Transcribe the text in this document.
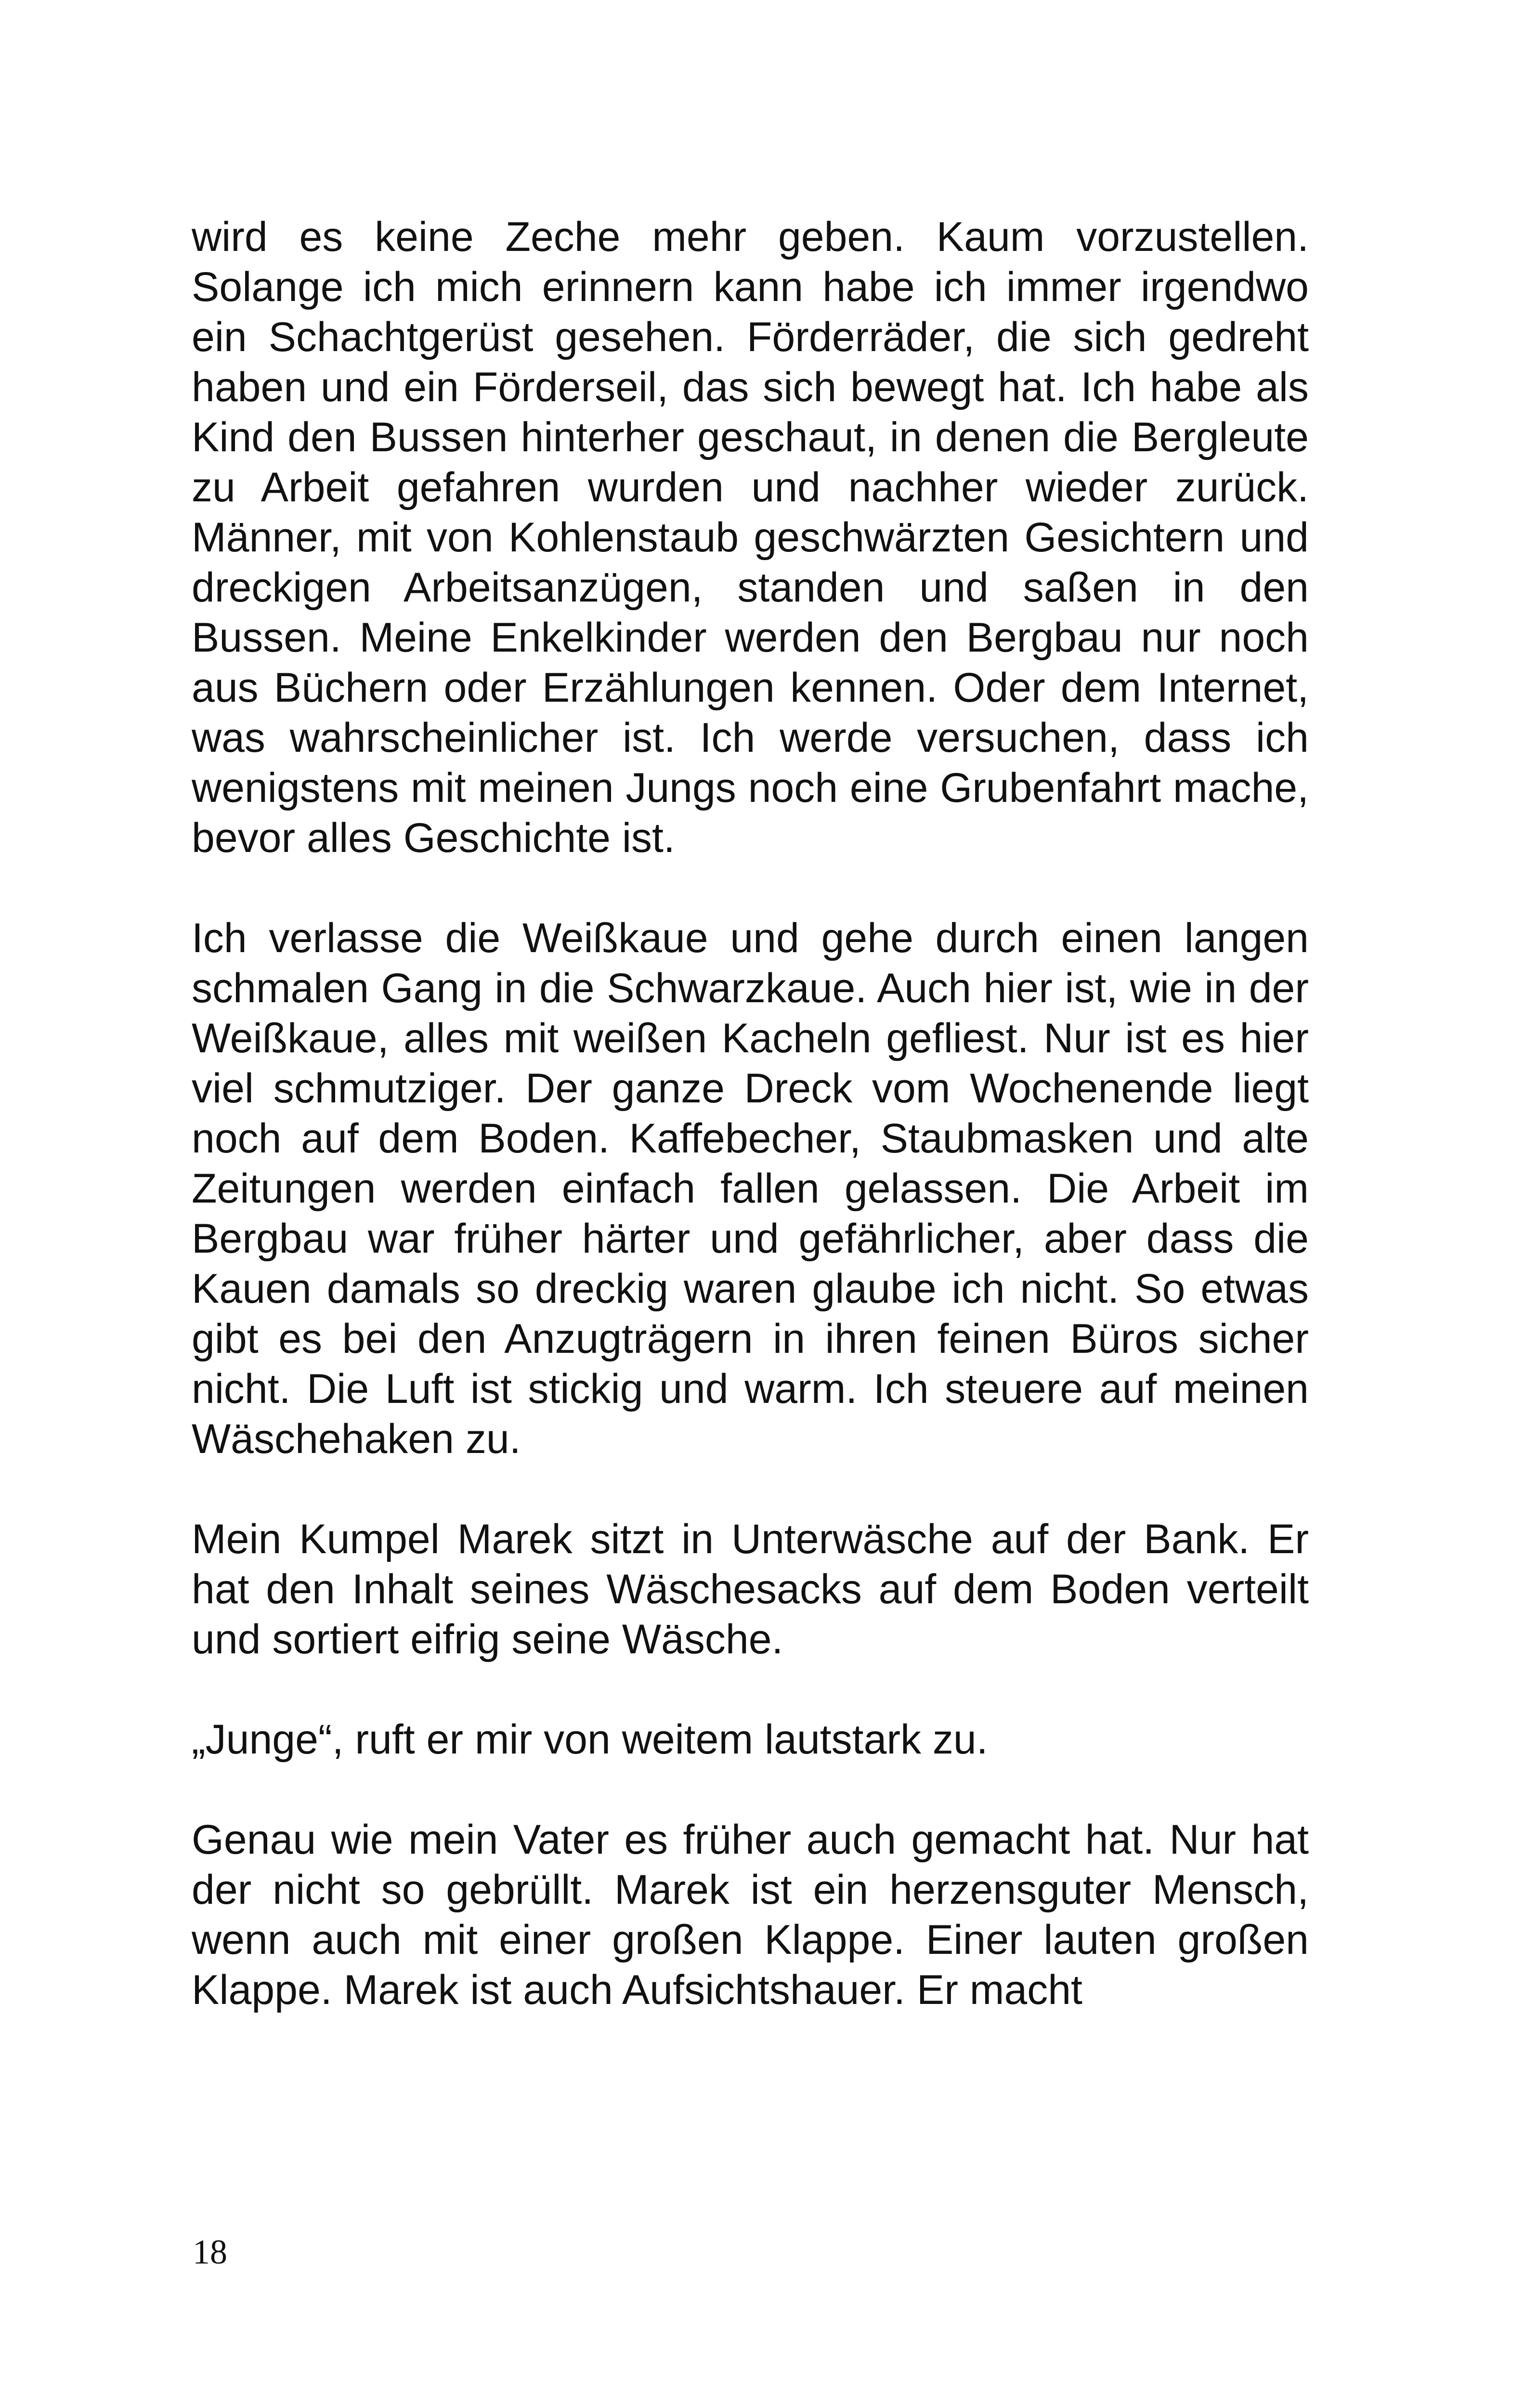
wird es keine Zeche mehr geben. Kaum vorzustellen. Solange ich mich erinnern kann habe ich immer irgendwo ein Schachtgerüst gesehen. Förderräder, die sich gedreht haben und ein Förderseil, das sich bewegt hat. Ich habe als Kind den Bussen hinterher geschaut, in denen die Bergleute zu Arbeit gefahren wurden und nachher wieder zurück. Männer, mit von Kohlenstaub geschwärzten Gesichtern und dreckigen Arbeitsanzügen, standen und saßen in den Bussen. Meine Enkelkinder werden den Bergbau nur noch aus Büchern oder Erzählungen kennen. Oder dem Internet, was wahrscheinlicher ist. Ich werde versuchen, dass ich wenigstens mit meinen Jungs noch eine Grubenfahrt mache, bevor alles Geschichte ist.

Ich verlasse die Weißkaue und gehe durch einen langen schmalen Gang in die Schwarzkaue. Auch hier ist, wie in der Weißkaue, alles mit weißen Kacheln gefliest. Nur ist es hier viel schmutziger. Der ganze Dreck vom Wochenende liegt noch auf dem Boden. Kaffebecher, Staubmasken und alte Zeitungen werden einfach fallen gelassen. Die Arbeit im Bergbau war früher härter und gefährlicher, aber dass die Kauen damals so dreckig waren glaube ich nicht. So etwas gibt es bei den Anzugträgern in ihren feinen Büros sicher nicht. Die Luft ist stickig und warm. Ich steuere auf meinen Wäschehaken zu.

Mein Kumpel Marek sitzt in Unterwäsche auf der Bank. Er hat den Inhalt seines Wäschesacks auf dem Boden verteilt und sortiert eifrig seine Wäsche.

„Junge“, ruft er mir von weitem lautstark zu.

Genau wie mein Vater es früher auch gemacht hat. Nur hat der nicht so gebrüllt. Marek ist ein herzensguter Mensch, wenn auch mit einer großen Klappe. Einer lauten großen Klappe. Marek ist auch Aufsichtshauer. Er macht

18
